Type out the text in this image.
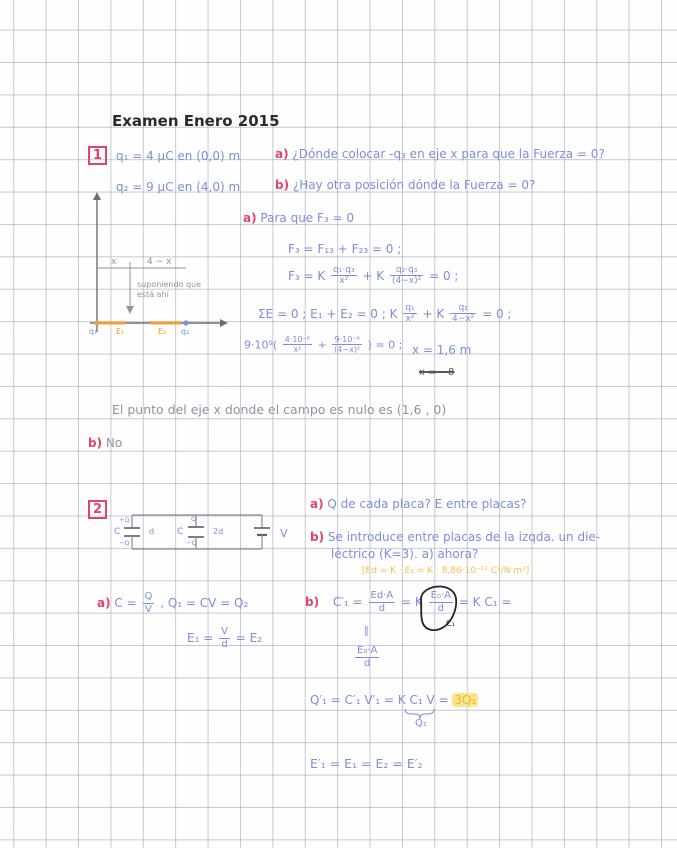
Examen Enero 2015
1	q₁ = 4 μC en (0,0) m
q₂ = 9 μC en (4,0) m
a) ¿Dónde colocar -q₃ en eje x para que la Fuerza = 0?
b) ¿Hay otra posición dónde la Fuerza = 0?
x	4 − x
suponiendo que
está ahí
q₁ E₁	E₂ q₂
a) Para que F₃ = 0
F₃ = F₁₃ + F₂₃ = 0 ;
F₃ = K $\frac{\text{q₁·q₃}}{\text{x²}} + K \frac{\text{q₂·q₃}}{\text{(4−x)²}} = 0$ ;
ΣE = 0 ; E₁ + E₂ = 0 ; K $\frac{\text{q₁}}{\text{x²}} + K \frac{\text{q₂}}{\text{4−x²}} = 0$ ;
$9\cdot 10^9( \frac{\text{4·10⁻⁶}}{\text{x²}} + \frac{\text{9·10⁻⁶}}{\text{(4−x)²}}$ ) = 0 ; x = 1,6 m
x = −8
El punto del eje x donde el campo es nulo es (1,6 , 0)
b) No
2
C
+Q
−Q
d	C
Q
−Q
2d	V
a) Q de cada placa? E entre placas?
b) Se introduce entre placas de la izqda. un die-
léctrico (K=3). a) ahora?
[Ed = K · E₀ = K · 8,86·10⁻¹² C²/N·m²]
a) $C = \frac{Q}{V}$ , Q₁ = CV = Q₂
$E_1 = \frac{V}{d} = E_2$
b) $C'_1 = \frac{Ed\cdot A}{d} = K \frac{\text{E₀·A}}{d} = K$ C₁ =
C₁
∥
$\frac{\text{E₀·A}}{d}$
Q′₁ = C′₁ V′₁ = K C₁ V = 3Q₁
Q₁
E′₁ = E₁ = E₂ = E′₂
